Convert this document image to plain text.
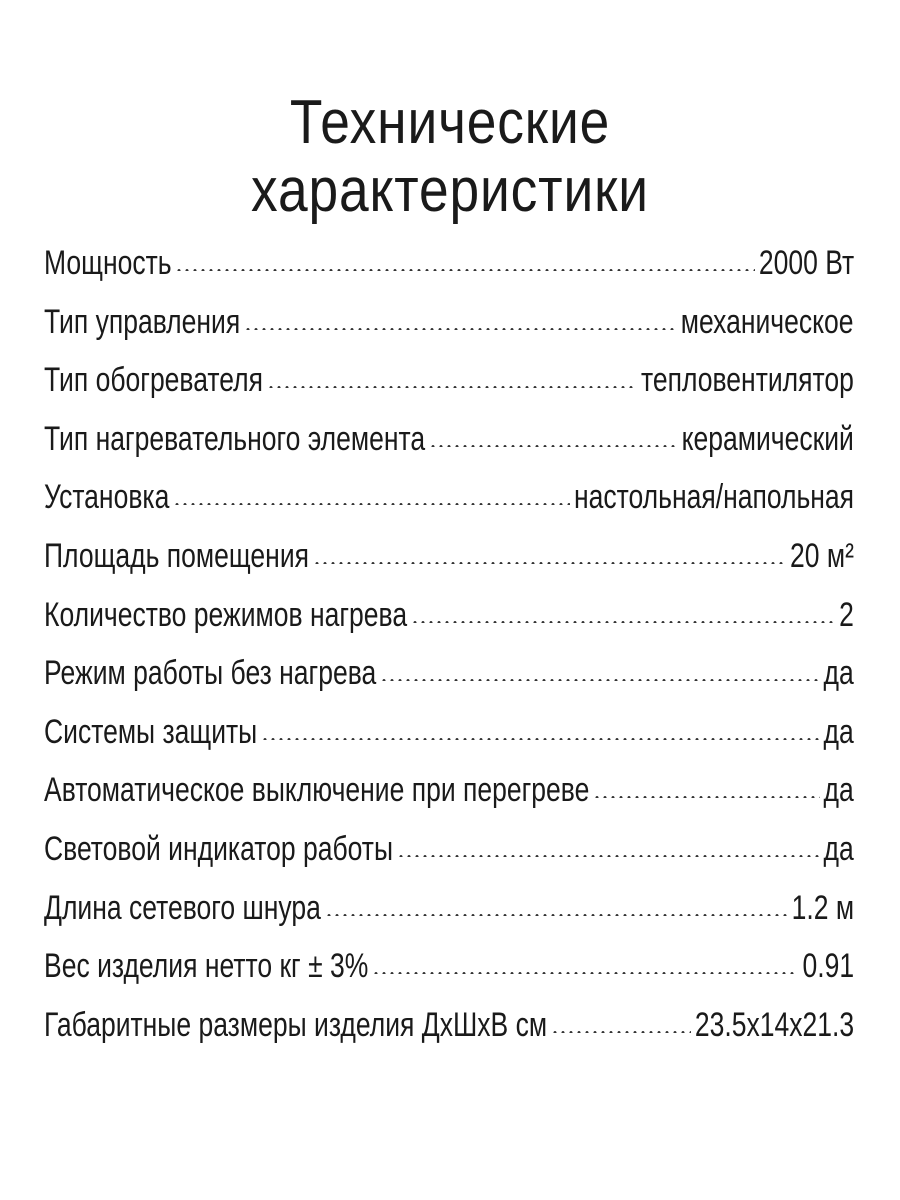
Технические
характеристики
Мощность	2000 Вт
Тип управления	механическое
Тип обогревателя	тепловентилятор
Тип нагревательного элемента	керамический
Установка	настольная/напольная
Площадь помещения	20 м²
Количество режимов нагрева	2
Режим работы без нагрева	да
Системы защиты	да
Автоматическое выключение при перегреве	да
Световой индикатор работы	да
Длина сетевого шнура	1.2 м
Вес изделия нетто кг ± 3%	0.91
Габаритные размеры изделия ДхШхВ см	23.5x14x21.3
